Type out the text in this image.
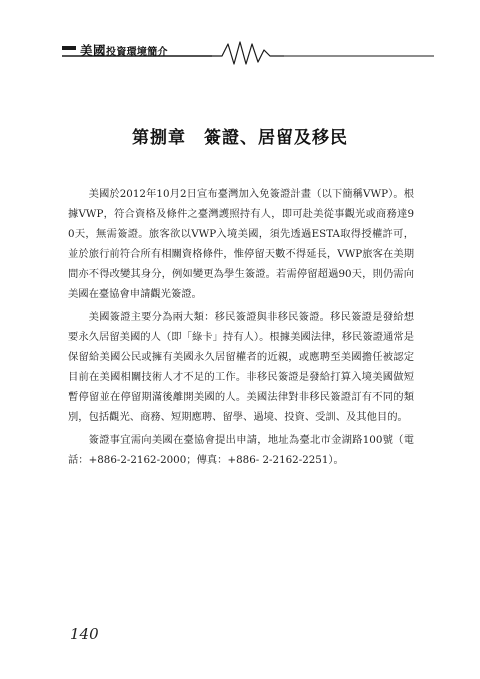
美國投資環境簡介
第捌章　簽證、居留及移民

美國於2012年10月2日宣布臺灣加入免簽證計畫（以下簡稱VWP）。根據VWP，符合資格及條件之臺灣護照持有人，即可赴美從事觀光或商務達90天，無需簽證。旅客欲以VWP入境美國，須先透過ESTA取得授權許可，並於旅行前符合所有相關資格條件，惟停留天數不得延長，VWP旅客在美期間亦不得改變其身分，例如變更為學生簽證。若需停留超過90天，則仍需向美國在臺協會申請觀光簽證。

美國簽證主要分為兩大類：移民簽證與非移民簽證。移民簽證是發給想要永久居留美國的人（即「綠卡」持有人）。根據美國法律，移民簽證通常是保留給美國公民或擁有美國永久居留權者的近親，或應聘至美國擔任被認定目前在美國相關技術人才不足的工作。非移民簽證是發給打算入境美國做短暫停留並在停留期滿後離開美國的人。美國法律對非移民簽證訂有不同的類別，包括觀光、商務、短期應聘、留學、過境、投資、受訓、及其他目的。

簽證事宜需向美國在臺協會提出申請，地址為臺北市金湖路100號（電話：+886-2-2162-2000；傳真：+886- 2-2162-2251）。

140
